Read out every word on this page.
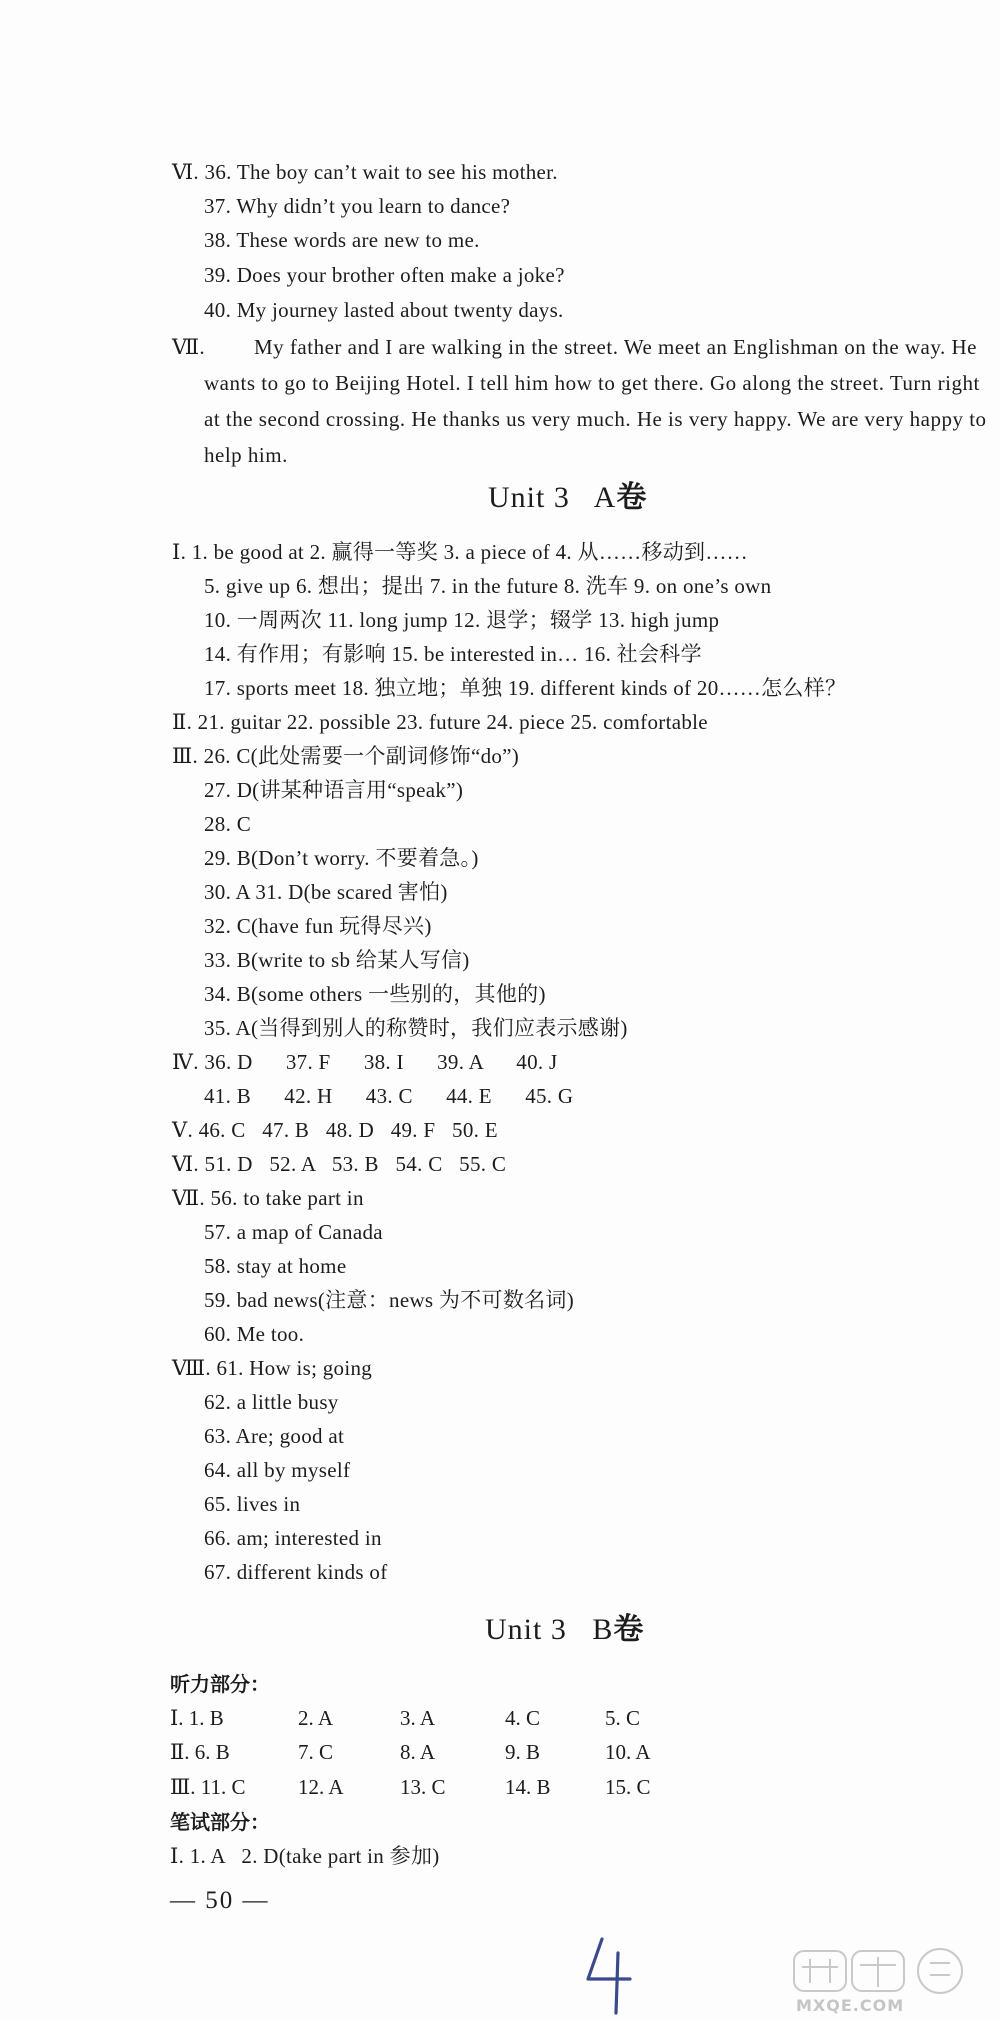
Ⅵ. 36. The boy can’t wait to see his mother.
37. Why didn’t you learn to dance?
38. These words are new to me.
39. Does your brother often make a joke?
40. My journey lasted about twenty days.
Ⅶ.	My father and I are walking in the street. We meet an Englishman on the way. He wants to go to Beijing Hotel. I tell him how to get there. Go along the street. Turn right at the second crossing. He thanks us very much. He is very happy. We are very happy to help him.
Unit 3   A卷
Ⅰ. 1. be good at 2. 赢得一等奖 3. a piece of 4. 从……移动到……
5. give up 6. 想出；提出 7. in the future 8. 洗车 9. on one’s own
10. 一周两次 11. long jump 12. 退学；辍学 13. high jump
14. 有作用；有影响 15. be interested in… 16. 社会科学
17. sports meet 18. 独立地；单独 19. different kinds of 20……怎么样？
Ⅱ. 21. guitar 22. possible 23. future 24. piece 25. comfortable
Ⅲ. 26. C(此处需要一个副词修饰“do”)
27. D(讲某种语言用“speak”)
28. C
29. B(Don’t worry. 不要着急。)
30. A 31. D(be scared 害怕)
32. C(have fun 玩得尽兴)
33. B(write to sb 给某人写信)
34. B(some others 一些别的，其他的)
35. A(当得到别人的称赞时，我们应表示感谢)
Ⅳ. 36. D      37. F      38. I      39. A      40. J
41. B      42. H      43. C      44. E      45. G
Ⅴ. 46. C   47. B   48. D   49. F   50. E
Ⅵ. 51. D   52. A   53. B   54. C   55. C
Ⅶ. 56. to take part in
57. a map of Canada
58. stay at home
59. bad news(注意：news 为不可数名词)
60. Me too.
Ⅷ. 61. How is; going
62. a little busy
63. Are; good at
64. all by myself
65. lives in
66. am; interested in
67. different kinds of
Unit 3   B卷
听力部分：
Ⅰ. 1. B	2. A	3. A	4. C	5. C
Ⅱ. 6. B	7. C	8. A	9. B	10. A
Ⅲ. 11. C	12. A	13. C	14. B	15. C
笔试部分：
Ⅰ. 1. A   2. D(take part in 参加)
— 50 —
MXQE.COM
